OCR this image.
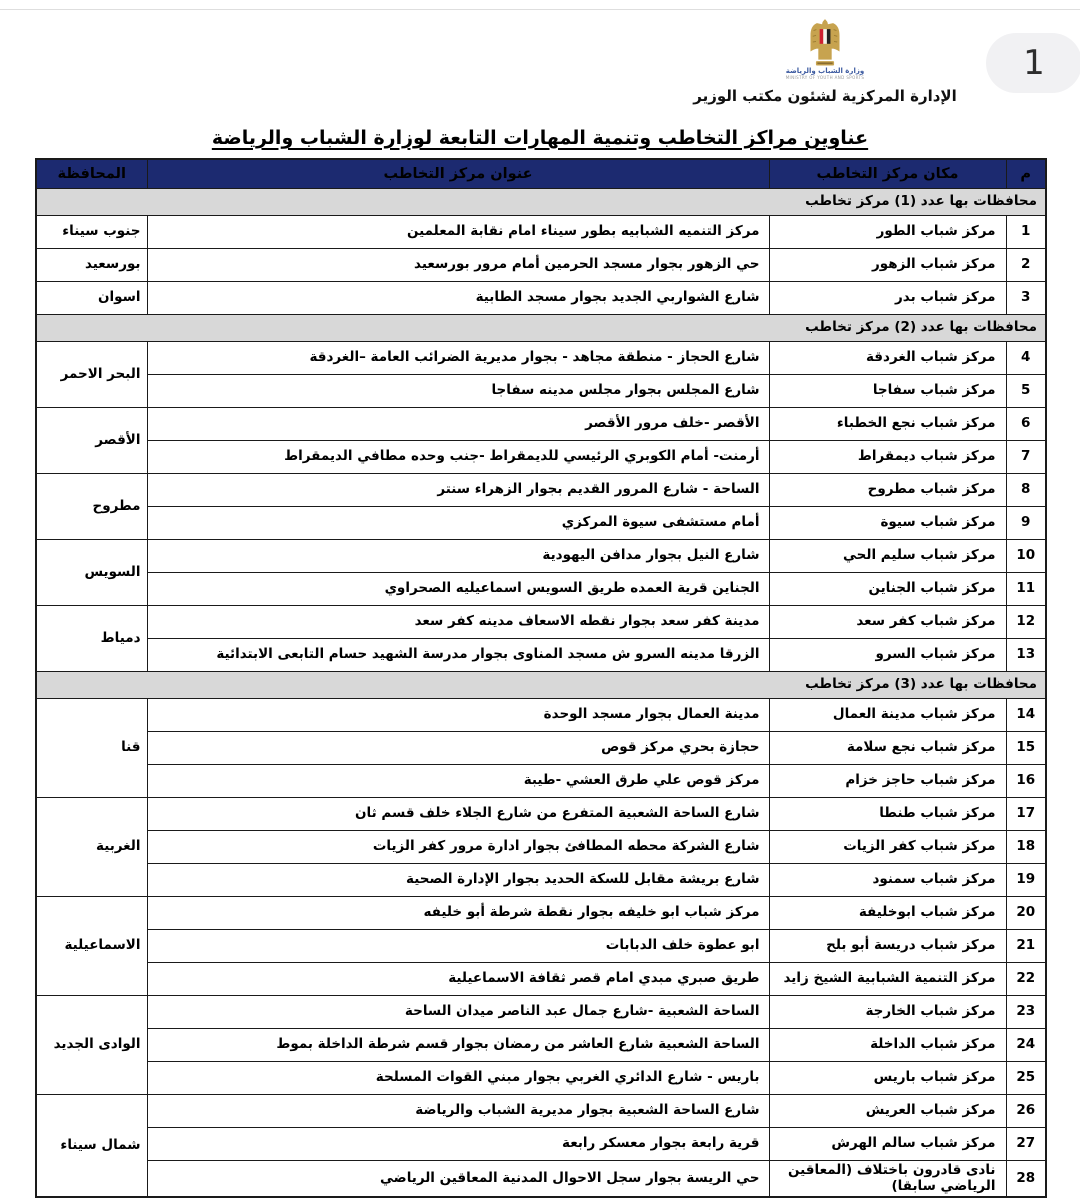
وزارة الشباب والرياضة
MINISTRY OF YOUTH AND SPORTS
الإدارة المركزية لشئون مكتب الوزير
1
عناوين مراكز التخاطب وتنمية المهارات التابعة لوزارة الشباب والرياضة
م	مكان مركز التخاطب	عنوان مركز التخاطب	المحافظة
محافظات بها عدد (1) مركز تخاطب			
1	مركز شباب الطور	مركز التنميه الشبابيه بطور سيناء امام نقابة المعلمين	جنوب سيناء
2	مركز شباب الزهور	حي الزهور بجوار مسجد الحرمين أمام مرور بورسعيد	بورسعيد
3	مركز شباب بدر	شارع الشواربي الجديد بجوار مسجد الطابية	اسوان
محافظات بها عدد (2) مركز تخاطب			
4	مركز شباب الغردقة	شارع الحجاز - منطقة مجاهد - بجوار مديرية الضرائب العامة –الغردقة	البحر الاحمر
5	مركز شباب سفاجا	شارع المجلس بجوار مجلس مدينه سفاجا	
6	مركز شباب نجع الخطباء	الأقصر -خلف مرور الأقصر	الأقصر
7	مركز شباب ديمقراط	أرمنت- أمام الكوبري الرئيسي للديمقراط -جنب وحده مطافي الديمقراط	
8	مركز شباب مطروح	الساحة - شارع المرور القديم بجوار الزهراء سنتر	مطروح
9	مركز شباب سيوة	أمام مستشفى سيوة المركزي	
10	مركز شباب سليم الحي	شارع النيل بجوار مدافن اليهودية	السويس
11	مركز شباب الجناين	الجناين قرية العمده طريق السويس اسماعيليه الصحراوي	
12	مركز شباب كفر سعد	مدينة كفر سعد بجوار نقطه الاسعاف مدينه كفر سعد	دمياط
13	مركز شباب السرو	الزرقا مدينه السرو ش مسجد المناوى بجوار مدرسة الشهيد حسام التابعى الابتدائية	
محافظات بها عدد (3) مركز تخاطب			
14	مركز شباب مدينة العمال	مدينة العمال بجوار مسجد الوحدة	قنا
15	مركز شباب نجع سلامة	حجازة بحري مركز قوص	
16	مركز شباب حاجز خزام	مركز قوص علي طرق العشي -طيبة	
17	مركز شباب طنطا	شارع الساحة الشعبية المتفرع من شارع الجلاء خلف قسم ثان	الغربية
18	مركز شباب كفر الزيات	شارع الشركة محطه المطافئ بجوار ادارة مرور كفر الزيات	
19	مركز شباب سمنود	شارع بريشة مقابل للسكة الحديد بجوار الإدارة الصحية	
20	مركز شباب ابوخليفة	مركز شباب ابو خليفه بجوار نقطة شرطة أبو خليفه	الاسماعيلية
21	مركز شباب دريسة أبو بلح	ابو عطوة خلف الدبابات	
22	مركز التنمية الشبابية الشيخ زايد	طريق صبري مبدي امام قصر ثقافة الاسماعيلية	
23	مركز شباب الخارجة	الساحة الشعبية -شارع جمال عبد الناصر ميدان الساحة	الوادى الجديد
24	مركز شباب الداخلة	الساحة الشعبية شارع العاشر من رمضان بجوار قسم شرطة الداخلة بموط	
25	مركز شباب باريس	باريس - شارع الدائري الغربي بجوار مبني القوات المسلحة	
26	مركز شباب العريش	شارع الساحة الشعبية بجوار مديرية الشباب والرياضة	شمال سيناء
27	مركز شباب سالم الهرش	قرية رابعة بجوار معسكر رابعة	
28	نادى قادرون باختلاف (المعاقين الرياضي سابقا)	حي الريسة بجوار سجل الاحوال المدنية المعاقين الرياضي	
